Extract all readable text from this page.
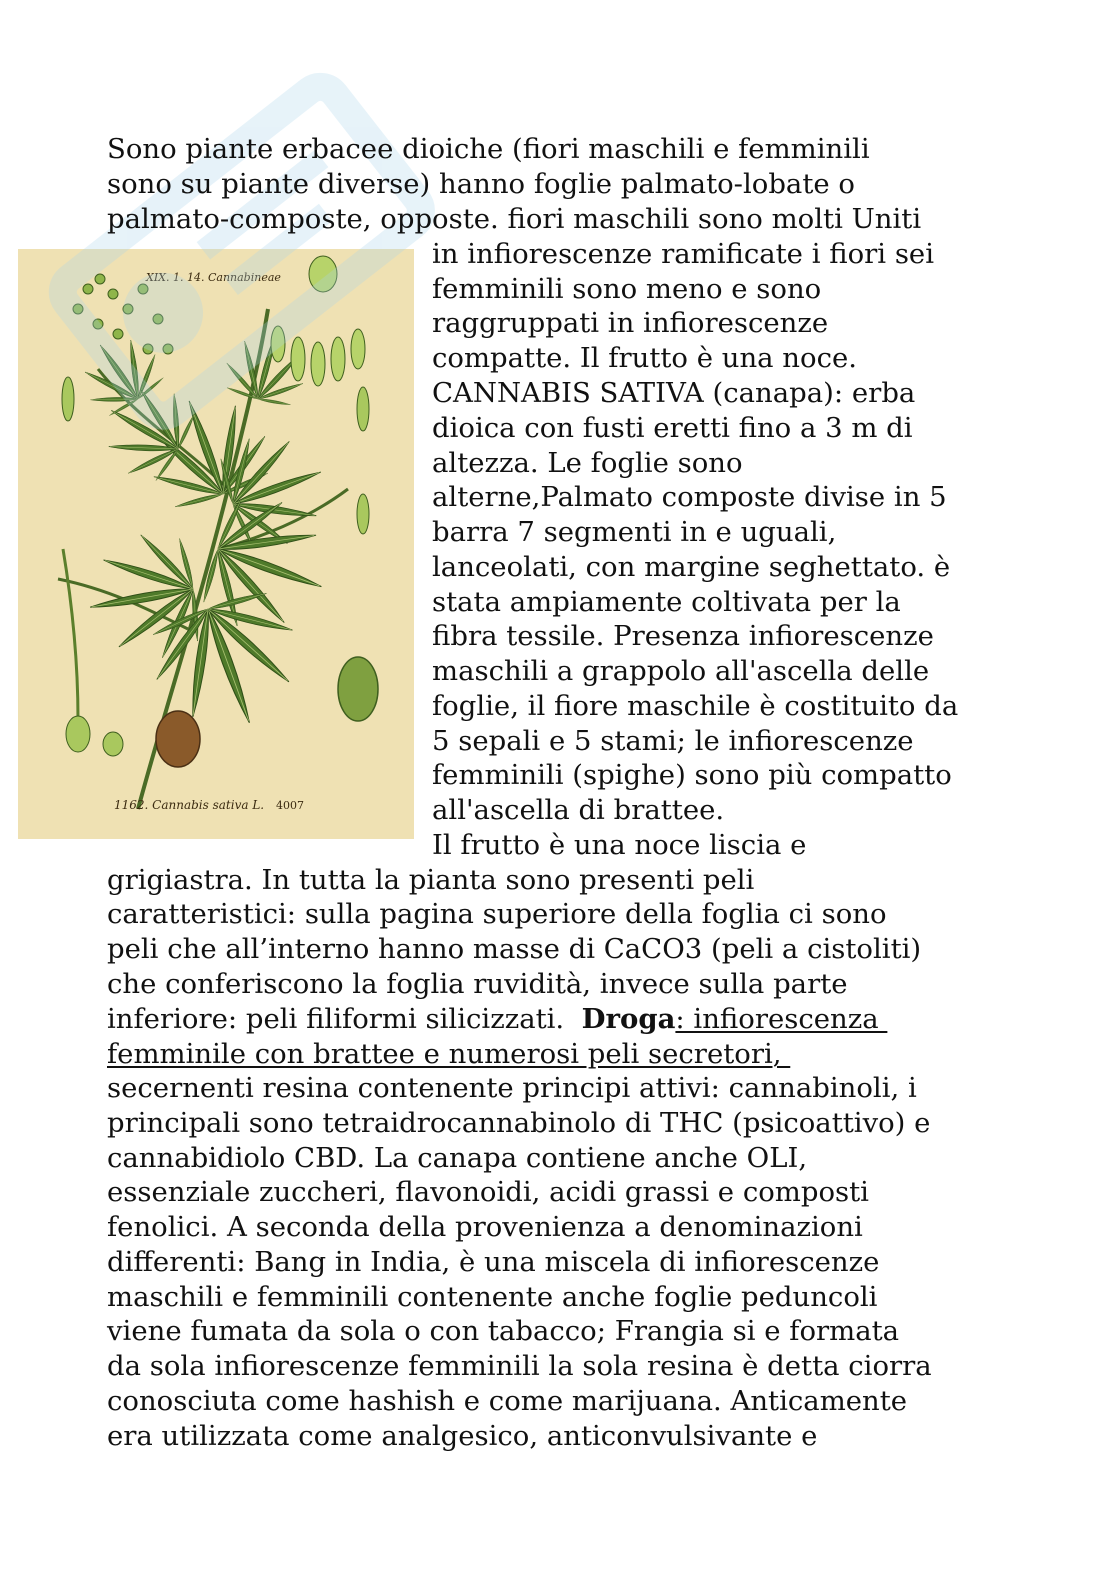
XIX. 1. 14. Cannabineae
1162. Cannabis sativa L. 4007
Sono piante erbacee dioiche (fiori maschili e femminili
sono su piante diverse) hanno foglie palmato-lobate o
palmato-composte, opposte. fiori maschili sono molti Uniti
in infiorescenze ramificate i fiori sei
femminili sono meno e sono
raggruppati in infiorescenze
compatte. Il frutto è una noce.
CANNABIS SATIVA (canapa): erba
dioica con fusti eretti fino a 3 m di
altezza. Le foglie sono
alterne,Palmato composte divise in 5
barra 7 segmenti in e uguali,
lanceolati, con margine seghettato. è
stata ampiamente coltivata per la
fibra tessile. Presenza infiorescenze
maschili a grappolo all'ascella delle
foglie, il fiore maschile è costituito da
5 sepali e 5 stami; le infiorescenze
femminili (spighe) sono più compatto
all'ascella di brattee.
Il frutto è una noce liscia e
grigiastra. In tutta la pianta sono presenti peli
caratteristici: sulla pagina superiore della foglia ci sono
peli che all’interno hanno masse di CaCO3 (peli a cistoliti)
che conferiscono la foglia ruvidità, invece sulla parte
inferiore: peli filiformi silicizzati.  Droga: infiorescenza
femminile con brattee e numerosi peli secretori,
secernenti resina contenente principi attivi: cannabinoli, i
principali sono tetraidrocannabinolo di THC (psicoattivo) e
cannabidiolo CBD. La canapa contiene anche OLI,
essenziale zuccheri, flavonoidi, acidi grassi e composti
fenolici. A seconda della provenienza a denominazioni
differenti: Bang in India, è una miscela di infiorescenze
maschili e femminili contenente anche foglie peduncoli
viene fumata da sola o con tabacco; Frangia si e formata
da sola infiorescenze femminili la sola resina è detta ciorra
conosciuta come hashish e come marijuana. Anticamente
era utilizzata come analgesico, anticonvulsivante e
